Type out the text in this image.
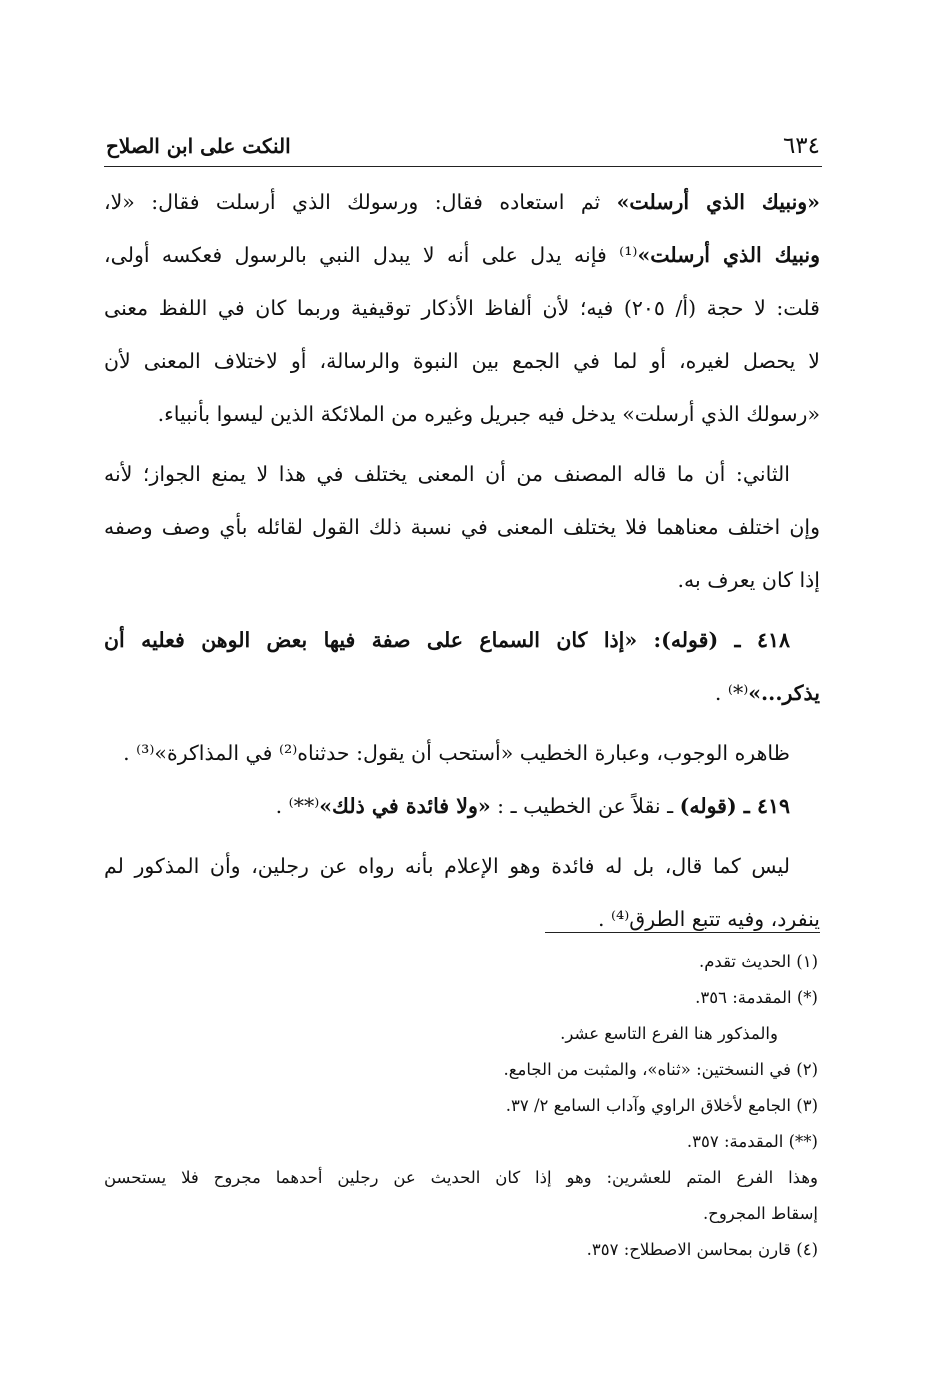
٦٣٤
النكت على ابن الصلاح
«ونبيك الذي أرسلت» ثم استعاده فقال: ورسولك الذي أرسلت فقال: «لا،
ونبيك الذي أرسلت»⁽¹⁾ فإنه يدل على أنه لا يبدل النبي بالرسول فعكسه أولى،
قلت: لا حجة (أ/ ٢٠٥) فيه؛ لأن ألفاظ الأذكار توقيفية وربما كان في اللفظ معنى
لا يحصل لغيره، أو لما في الجمع بين النبوة والرسالة، أو لاختلاف المعنى لأن
«رسولك الذي أرسلت» يدخل فيه جبريل وغيره من الملائكة الذين ليسوا بأنبياء.
الثاني: أن ما قاله المصنف من أن المعنى يختلف في هذا لا يمنع الجواز؛ لأنه
وإن اختلف معناهما فلا يختلف المعنى في نسبة ذلك القول لقائله بأي وصف وصفه
إذا كان يعرف به.
٤١٨ ـ (قوله): «إذا كان السماع على صفة فيها بعض الوهن فعليه أن
يذكر...»⁽*⁾ .
ظاهره الوجوب، وعبارة الخطيب «أستحب أن يقول: حدثناه⁽²⁾ في المذاكرة»⁽³⁾ .
٤١٩ ـ (قوله) ـ نقلاً عن الخطيب ـ : «ولا فائدة في ذلك»⁽**⁾ .
ليس كما قال، بل له فائدة وهو الإعلام بأنه رواه عن رجلين، وأن المذكور لم
ينفرد، وفيه تتبع الطرق⁽⁴⁾ .
(١) الحديث تقدم.
(*) المقدمة: ٣٥٦.
والمذكور هنا الفرع التاسع عشر.
(٢) في النسختين: «ثناه»، والمثبت من الجامع.
(٣) الجامع لأخلاق الراوي وآداب السامع ٢/ ٣٧.
(**) المقدمة: ٣٥٧.
وهذا الفرع المتم للعشرين: وهو إذا كان الحديث عن رجلين أحدهما مجروح فلا يستحسن
إسقاط المجروح.
(٤) قارن بمحاسن الاصطلاح: ٣٥٧.
